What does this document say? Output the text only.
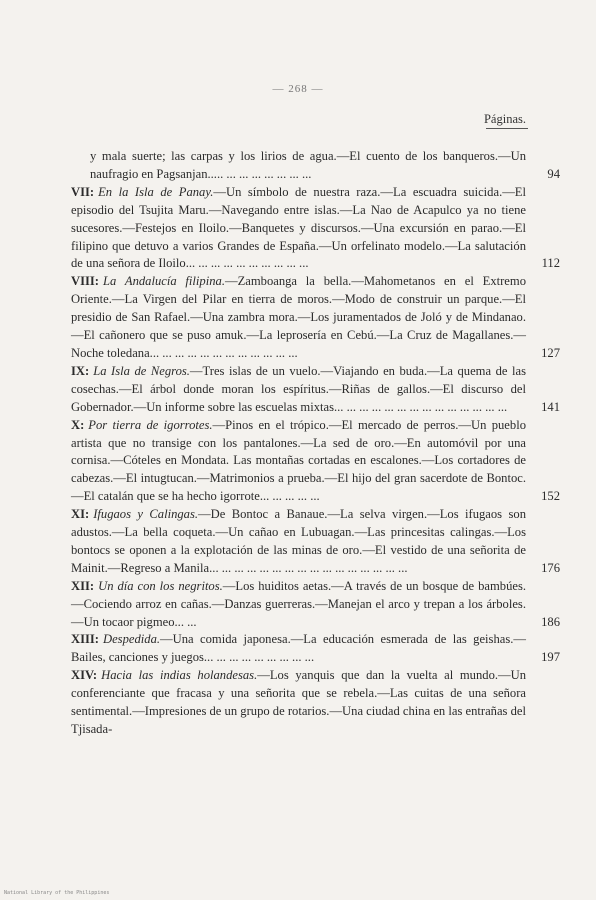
— 268 —
Páginas.

y mala suerte; las carpas y los lirios de agua.—El cuento de los banqueros.—Un naufragio en Pagsanjan..... ... ... ... ... ... ... ...	94

VII: En la Isla de Panay.—Un símbolo de nuestra raza.—La escuadra suicida.—El episodio del Tsujita Maru.—Navegando entre islas.—La Nao de Acapulco ya no tiene sucesores.—Festejos en Iloilo.—Banquetes y discursos.—Una excursión en parao.—El filipino que detuvo a varios Grandes de España.—Un orfelinato modelo.—La salutación de una señora de Iloilo... ... ... ... ... ... ... ... ... ...	112

VIII: La Andalucía filipina.—Zamboanga la bella.—Mahometanos en el Extremo Oriente.—La Virgen del Pilar en tierra de moros.—Modo de construir un parque.—El presidio de San Rafael.—Una zambra mora.—Los juramentados de Joló y de Mindanao.—El cañonero que se puso amuk.—La leprosería en Cebú.—La Cruz de Magallanes.—Noche toledana... ... ... ... ... ... ... ... ... ... ... ...	127

IX: La Isla de Negros.—Tres islas de un vuelo.—Viajando en buda.—La quema de las cosechas.—El árbol donde moran los espíritus.—Riñas de gallos.—El discurso del Gobernador.—Un informe sobre las escuelas mixtas... ... ... ... ... ... ... ... ... ... ... ... ... ...	141

X: Por tierra de igorrotes.—Pinos en el trópico.—El mercado de perros.—Un pueblo artista que no transige con los pantalones.—La sed de oro.—En automóvil por una cornisa.—Cóteles en Mondata. Las montañas cortadas en escalones.—Los cortadores de cabezas.—El intugtucan.—Matrimonios a prueba.—El hijo del gran sacerdote de Bontoc.—El catalán que se ha hecho igorrote... ... ... ... ...	152

XI: Ifugaos y Calingas.—De Bontoc a Banaue.—La selva virgen.—Los ifugaos son adustos.—La bella coqueta.—Un cañao en Lubuagan.—Las princesitas calingas.—Los bontocs se oponen a la explotación de las minas de oro.—El vestido de una señorita de Mainit.—Regreso a Manila... ... ... ... ... ... ... ... ... ... ... ... ... ... ... ...	176

XII: Un día con los negritos.—Los huiditos aetas.—A través de un bosque de bambúes.—Cociendo arroz en cañas.—Danzas guerreras.—Manejan el arco y trepan a los árboles.—Un tocaor pigmeo... ...	186

XIII: Despedida.—Una comida japonesa.—La educación esmerada de las geishas.—Bailes, canciones y juegos... ... ... ... ... ... ... ... ...	197

XIV: Hacia las indias holandesas.—Los yanquis que dan la vuelta al mundo.—Un conferenciante que fracasa y una señorita que se rebela.—Las cuitas de una señora sentimental.—Impresiones de un grupo de rotarios.—Una ciudad china en las entrañas del Tjisada-

National Library of the Philippines
